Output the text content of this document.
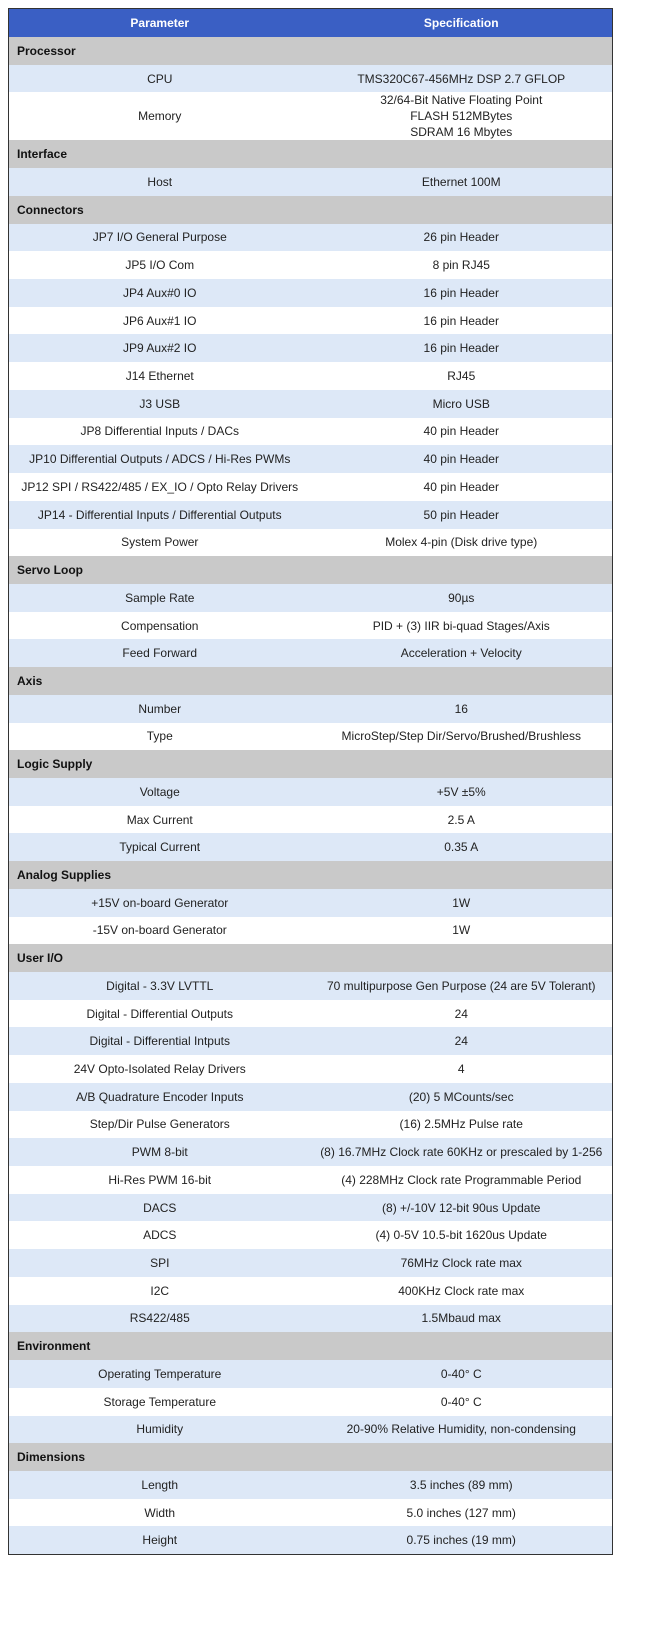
Parameter	Specification
Processor	
CPU	TMS320C67-456MHz DSP 2.7 GFLOP

Memory	32/64-Bit Native Floating Point
FLASH 512MBytes
SDRAM 16 Mbytes

Interface	
Host	Ethernet 100M

Connectors	
JP7 I/O General Purpose	26 pin Header

JP5 I/O Com	8 pin RJ45

JP4 Aux#0 IO	16 pin Header

JP6 Aux#1 IO	16 pin Header

JP9 Aux#2 IO	16 pin Header

J14 Ethernet	RJ45

J3 USB	Micro USB

JP8 Differential Inputs / DACs	40 pin Header

JP10 Differential Outputs / ADCS / Hi-Res PWMs	40 pin Header

JP12 SPI / RS422/485 / EX_IO / Opto Relay Drivers	40 pin Header

JP14 - Differential Inputs / Differential Outputs	50 pin Header

System Power	Molex 4-pin (Disk drive type)

Servo Loop	
Sample Rate	90µs

Compensation	PID + (3) IIR bi-quad Stages/Axis

Feed Forward	Acceleration + Velocity

Axis	
Number	16

Type	MicroStep/Step Dir/Servo/Brushed/Brushless

Logic Supply	
Voltage	+5V ±5%

Max Current	2.5 A

Typical Current	0.35 A

Analog Supplies	
+15V on-board Generator	1W

-15V on-board Generator	1W

User I/O	
Digital - 3.3V LVTTL	70 multipurpose Gen Purpose (24 are 5V Tolerant)

Digital - Differential Outputs	24

Digital - Differential Intputs	24

24V Opto-Isolated Relay Drivers	4

A/B Quadrature Encoder Inputs	(20) 5 MCounts/sec

Step/Dir Pulse Generators	(16) 2.5MHz Pulse rate

PWM 8-bit	(8) 16.7MHz Clock rate 60KHz or prescaled by 1-256

Hi-Res PWM 16-bit	(4) 228MHz Clock rate Programmable Period

DACS	(8) +/-10V 12-bit 90us Update

ADCS	(4) 0-5V 10.5-bit 1620us Update

SPI	76MHz Clock rate max

I2C	400KHz Clock rate max

RS422/485	1.5Mbaud max

Environment	
Operating Temperature	0-40° C

Storage Temperature	0-40° C

Humidity	20-90% Relative Humidity, non-condensing

Dimensions	
Length	3.5 inches (89 mm)

Width	5.0 inches (127 mm)

Height	0.75 inches (19 mm)
